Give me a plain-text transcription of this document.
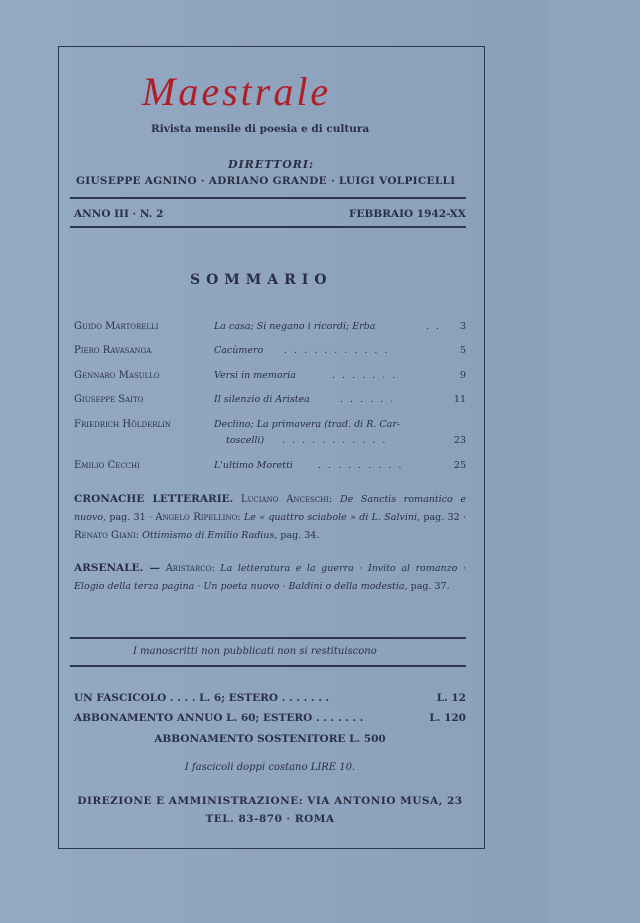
Maestrale
Rivista mensile di poesia e di cultura
DIRETTORI:
GIUSEPPE AGNINO · ADRIANO GRANDE · LUIGI VOLPICELLI
ANNO III · N. 2	FEBBRAIO 1942-XX
SOMMARIO
Guido Martorelli	La casa; Si negano i ricordi; Erba	. . 3
Piero Ravasanga	Cacùmero . . . . . . . . . . .	5
Gennaro Masullo	Versi in memoria	. . . . . . .	9
Giuseppe Saito	Il silenzio di Aristea	. . . . . .	11
Friedrich Hölderlin	Declino; La primavera (trad. di R. Car-
toscelli) . . . . . . . . . . .	23
Emilio Cecchi	L'ultimo Moretti	. . . . . . . . .	25
CRONACHE LETTERARIE. Luciano Anceschi: De Sanctis romantico e nuovo, pag. 31 · Angelo Ripellino: Le « quattro sciabole » di L. Salvini, pag. 32 · Renato Giani: Ottimismo di Emilio Radius, pag. 34.
ARSENALE. — Aristarco: La letteratura e la guerra · Invito al romanzo · Elogio della terza pagina · Un poeta nuovo · Baldini o della modestia, pag. 37.
I manoscritti non pubblicati non si restituiscono
UN FASCICOLO . . . . L. 6; ESTERO . . . . . . .	L. 12
ABBONAMENTO ANNUO L. 60; ESTERO . . . . . . .	L. 120
ABBONAMENTO SOSTENITORE L. 500
I fascicoli doppi costano LIRE 10.
DIREZIONE E AMMINISTRAZIONE: VIA ANTONIO MUSA, 23
TEL. 83-870 · ROMA
